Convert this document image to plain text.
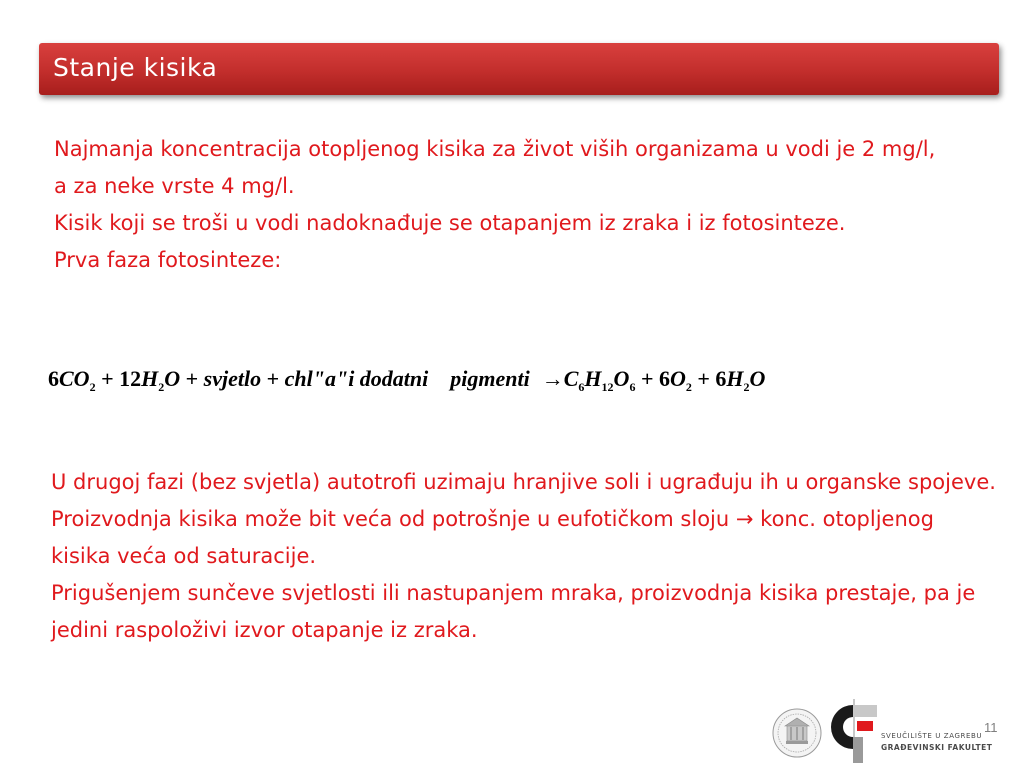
Stanje kisika

Najmanja koncentracija otopljenog kisika za život viših organizama u vodi je 2 mg/l, a za neke vrste 4 mg/l.

Kisik koji se troši u vodi nadoknađuje se otapanjem iz zraka i iz fotosinteze.

Prva faza fotosinteze:

$6CO_2 + 12H_2O$ + svjetlo + chl"a"i dodatni pigmenti $\to C_6H_{12}O_6 + 6O_2 + 6H_2O$

U drugoj fazi (bez svjetla) autotrofi uzimaju hranjive soli i ugrađuju ih u organske spojeve.

Proizvodnja kisika može bit veća od potrošnje u eufotičkom sloju → konc. otopljenog kisika veća od saturacije.

Prigušenjem sunčeve svjetlosti ili nastupanjem mraka, proizvodnja kisika prestaje, pa je jedini raspoloživi izvor otapanje iz zraka.

SVEUČILIŠTE U ZAGREBU
GRAĐEVINSKI FAKULTET
11
